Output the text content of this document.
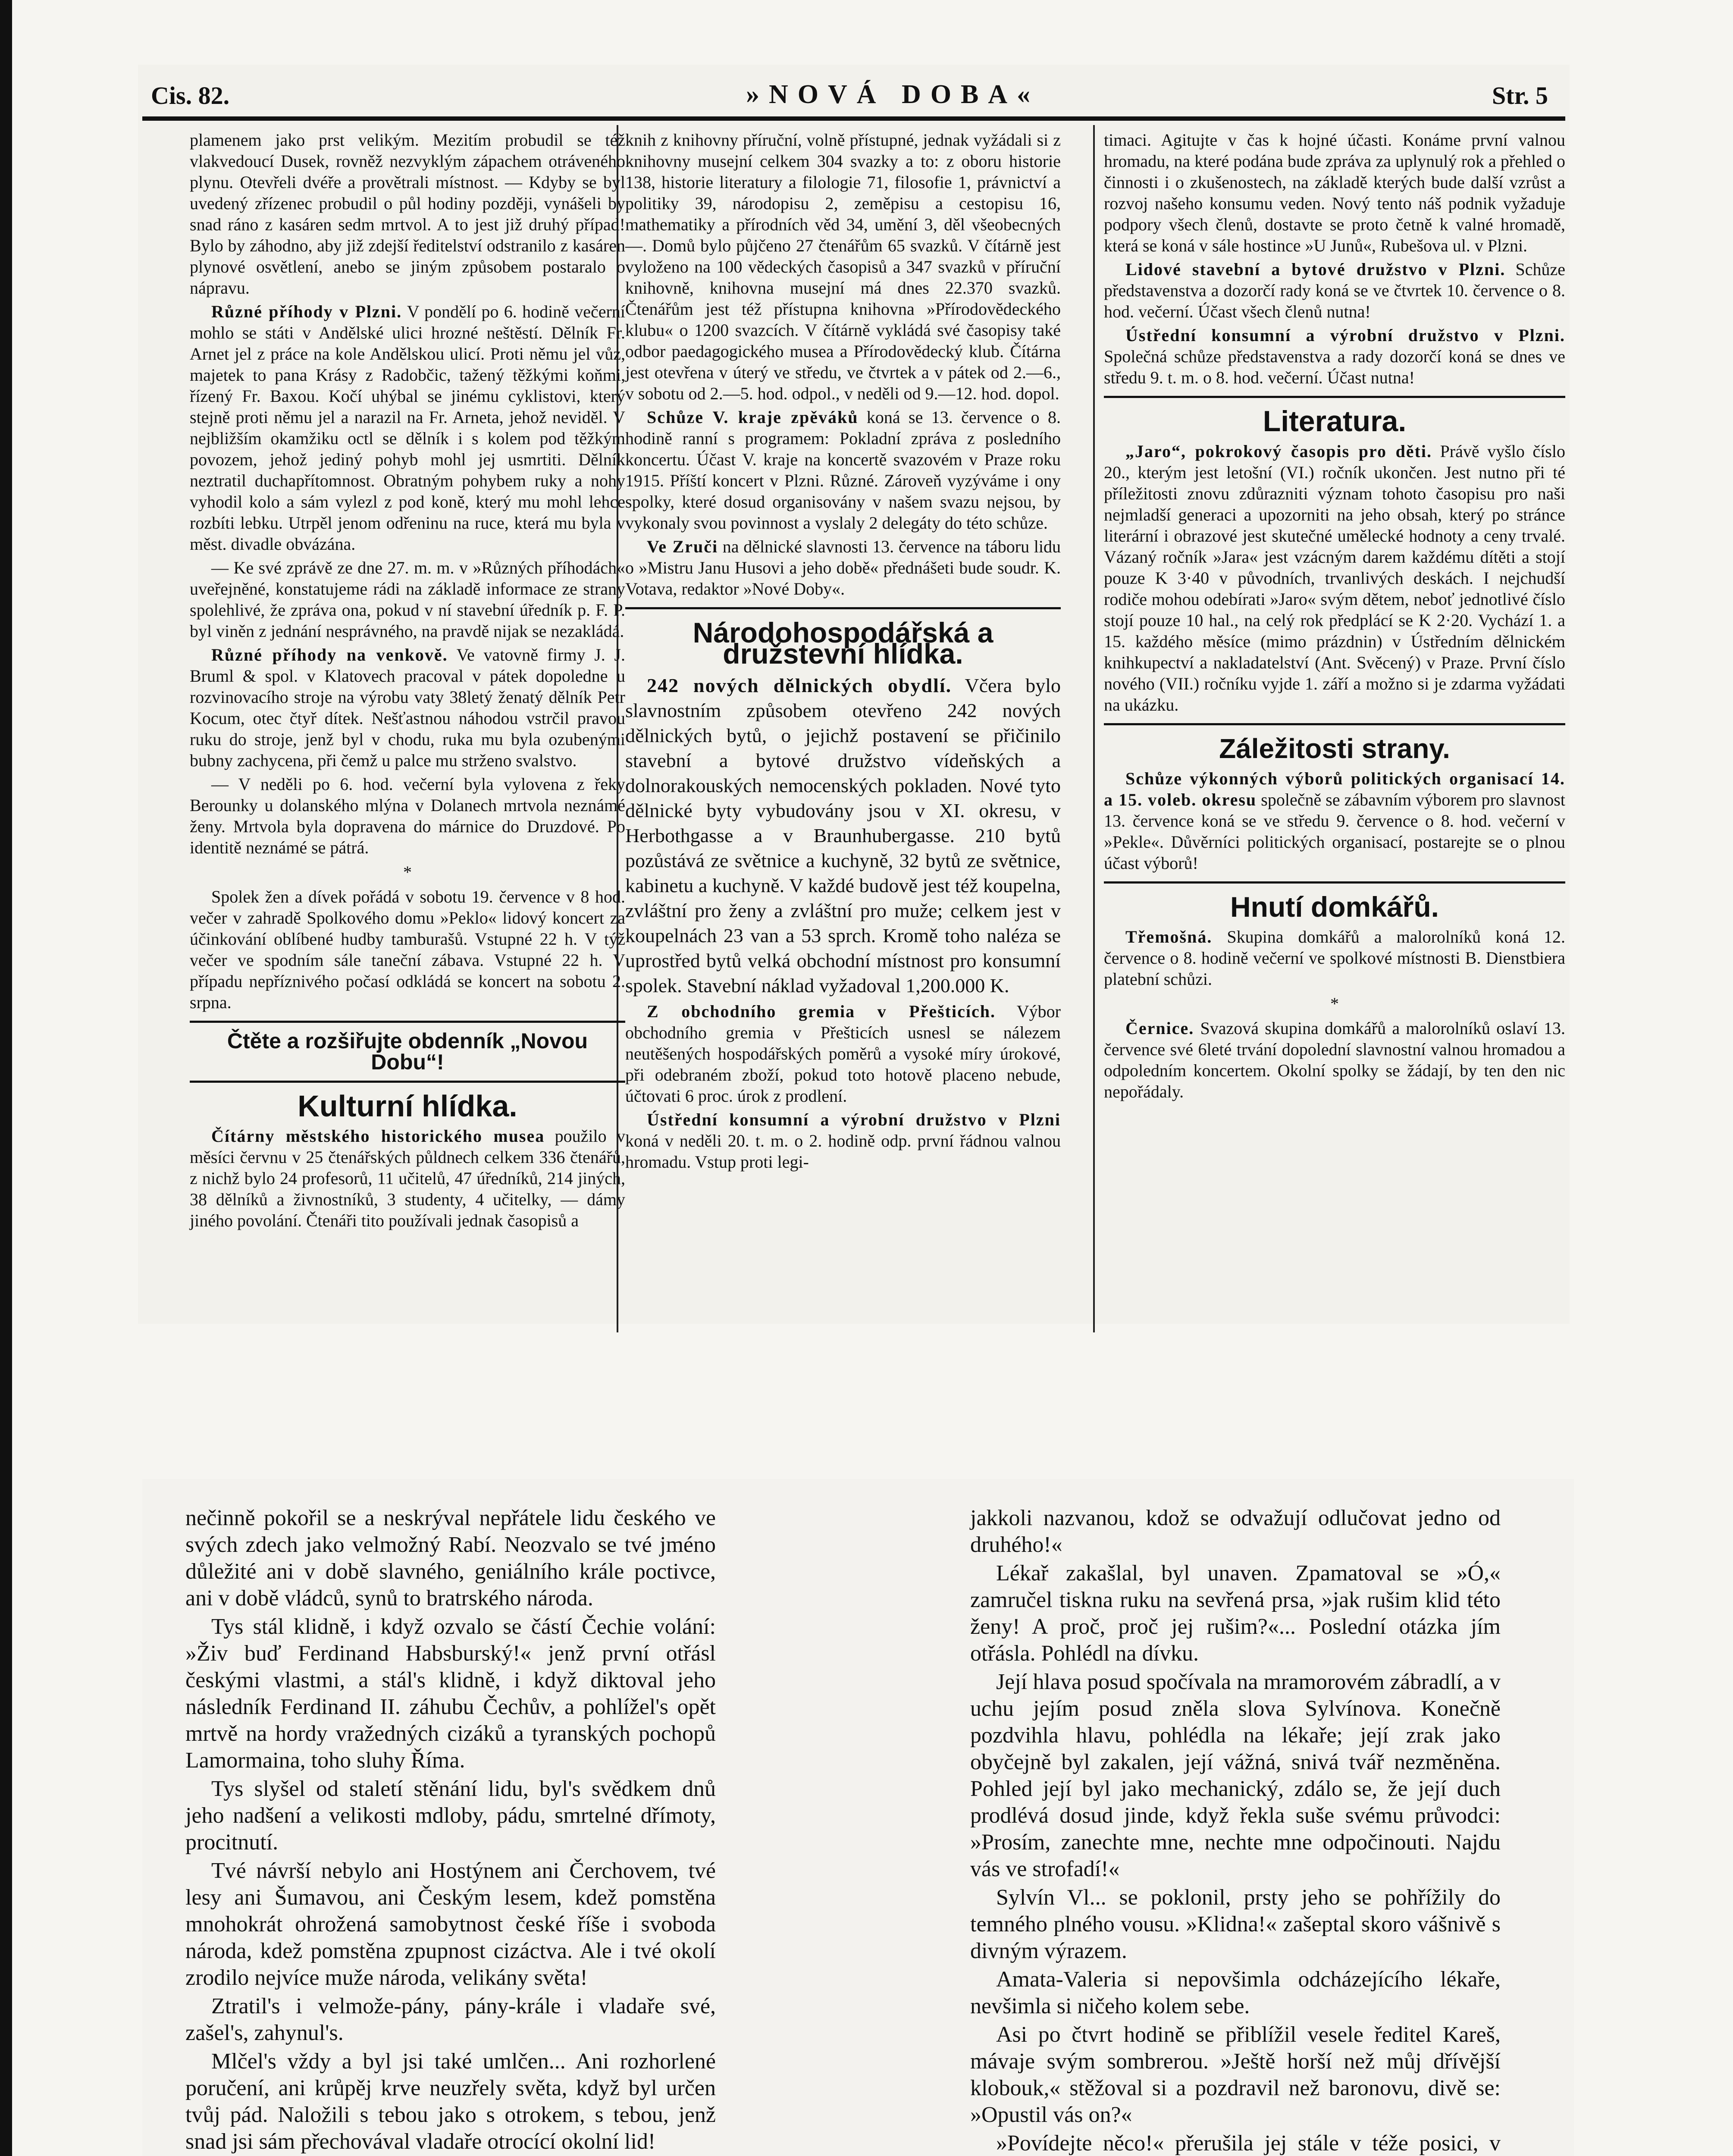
Cis. 82.	»NOVÁ DOBA«	Str. 5

plamenem jako prst velikým. Mezitím probudil se též vlakvedoucí Dusek, rovněž nezvyklým zápachem otráveného plynu. Otevřeli dvéře a provětrali místnost. — Kdyby se byl uvedený zřízenec probudil o půl hodiny později, vynášeli by snad ráno z kasáren sedm mrtvol. A to jest již druhý případ! Bylo by záhodno, aby již zdejší ředitelství odstranilo z kasáren plynové osvětlení, anebo se jiným způsobem postaralo o nápravu.

Různé příhody v Plzni. V pondělí po 6. hodině večerní mohlo se státi v Andělské ulici hrozné neštěstí. Dělník Fr. Arnet jel z práce na kole Andělskou ulicí. Proti němu jel vůz, majetek to pana Krásy z Radobčic, tažený těžkými koňmi, řízený Fr. Baxou. Kočí uhýbal se jinému cyklistovi, který stejně proti němu jel a narazil na Fr. Arneta, jehož neviděl. V nejbližším okamžiku octl se dělník i s kolem pod těžkým povozem, jehož jediný pohyb mohl jej usmrtiti. Dělník neztratil duchapřítomnost. Obratným pohybem ruky a nohy vyhodil kolo a sám vylezl z pod koně, který mu mohl lehce rozbíti lebku. Utrpěl jenom odřeninu na ruce, která mu byla v měst. divadle obvázána.

— Ke své zprávě ze dne 27. m. m. v »Různých příhodách« uveřejněné, konstatujeme rádi na základě informace ze strany spolehlivé, že zpráva ona, pokud v ní stavební úředník p. F. P. byl viněn z jednání nesprávného, na pravdě nijak se nezakládá.

Různé příhody na venkově. Ve vatovně firmy J. J. Bruml & spol. v Klatovech pracoval v pátek dopoledne u rozvinovacího stroje na výrobu vaty 38letý ženatý dělník Petr Kocum, otec čtyř dítek. Nešťastnou náhodou vstrčil pravou ruku do stroje, jenž byl v chodu, ruka mu byla ozubenými bubny zachycena, při čemž u palce mu strženo svalstvo.

— V neděli po 6. hod. večerní byla vylovena z řeky Berounky u dolanského mlýna v Dolanech mrtvola neznámé ženy. Mrtvola byla dopravena do márnice do Druzdové. Po identitě neznámé se pátrá.

*

Spolek žen a dívek pořádá v sobotu 19. července v 8 hod. večer v zahradě Spolkového domu »Peklo« lidový koncert za účinkování oblíbené hudby tamburašů. Vstupné 22 h. V týž večer ve spodním sále taneční zábava. Vstupné 22 h. V případu nepříznivého počasí odkládá se koncert na sobotu 2. srpna.

Čtěte a rozšiřujte obdenník „Novou Dobu“!
Kulturní hlídka.

Čítárny městského historického musea použilo v měsíci červnu v 25 čtenářských půldnech celkem 336 čtenářů, z nichž bylo 24 profesorů, 11 učitelů, 47 úředníků, 214 jiných, 38 dělníků a živnostníků, 3 studenty, 4 učitelky, — dámy jiného povolání. Čtenáři tito používali jednak časopisů a

knih z knihovny příruční, volně přístupné, jednak vyžádali si z knihovny musejní celkem 304 svazky a to: z oboru historie 138, historie literatury a filologie 71, filosofie 1, právnictví a politiky 39, národopisu 2, zeměpisu a cestopisu 16, mathematiky a přírodních věd 34, umění 3, děl všeobecných —. Domů bylo půjčeno 27 čtenářům 65 svazků. V čítárně jest vyloženo na 100 vědeckých časopisů a 347 svazků v příruční knihovně, knihovna musejní má dnes 22.370 svazků. Čtenářům jest též přístupna knihovna »Přírodovědeckého klubu« o 1200 svazcích. V čítárně vykládá své časopisy také odbor paedagogického musea a Přírodovědecký klub. Čítárna jest otevřena v úterý ve středu, ve čtvrtek a v pátek od 2.—6., v sobotu od 2.—5. hod. odpol., v neděli od 9.—12. hod. dopol.

Schůze V. kraje zpěváků koná se 13. července o 8. hodině ranní s programem: Pokladní zpráva z posledního koncertu. Účast V. kraje na koncertě svazovém v Praze roku 1915. Příští koncert v Plzni. Různé. Zároveň vyzýváme i ony spolky, které dosud organisovány v našem svazu nejsou, by vykonaly svou povinnost a vyslaly 2 delegáty do této schůze.

Ve Zruči na dělnické slavnosti 13. července na táboru lidu o »Mistru Janu Husovi a jeho době« přednášeti bude soudr. K. Votava, redaktor »Nové Doby«.

Národohospodářská a družstevní hlídka.

242 nových dělnických obydlí. Včera bylo slavnostním způsobem otevřeno 242 nových dělnických bytů, o jejichž postavení se přičinilo stavební a bytové družstvo vídeňských a dolnorakouských nemocenských pokladen. Nové tyto dělnické byty vybudovány jsou v XI. okresu, v Herbothgasse a v Braunhubergasse. 210 bytů pozůstává ze světnice a kuchyně, 32 bytů ze světnice, kabinetu a kuchyně. V každé budově jest též koupelna, zvláštní pro ženy a zvláštní pro muže; celkem jest v koupelnách 23 van a 53 sprch. Kromě toho naléza se uprostřed bytů velká obchodní místnost pro konsumní spolek. Stavební náklad vyžadoval 1,200.000 K.

Z obchodního gremia v Přešticích. Výbor obchodního gremia v Přešticích usnesl se nálezem neutěšených hospodářských poměrů a vysoké míry úrokové, při odebraném zboží, pokud toto hotově placeno nebude, účtovati 6 proc. úrok z prodlení.

Ústřední konsumní a výrobní družstvo v Plzni koná v neděli 20. t. m. o 2. hodině odp. první řádnou valnou hromadu. Vstup proti legi-

timaci. Agitujte v čas k hojné účasti. Konáme první valnou hromadu, na které podána bude zpráva za uplynulý rok a přehled o činnosti i o zkušenostech, na základě kterých bude další vzrůst a rozvoj našeho konsumu veden. Nový tento náš podnik vyžaduje podpory všech členů, dostavte se proto četně k valné hromadě, která se koná v sále hostince »U Junů«, Rubešova ul. v Plzni.

Lidové stavební a bytové družstvo v Plzni. Schůze představenstva a dozorčí rady koná se ve čtvrtek 10. července o 8. hod. večerní. Účast všech členů nutna!

Ústřední konsumní a výrobní družstvo v Plzni. Společná schůze představenstva a rady dozorčí koná se dnes ve středu 9. t. m. o 8. hod. večerní. Účast nutna!

Literatura.

„Jaro“, pokrokový časopis pro děti. Právě vyšlo číslo 20., kterým jest letošní (VI.) ročník ukončen. Jest nutno při té příležitosti znovu zdůrazniti význam tohoto časopisu pro naši nejmladší generaci a upozorniti na jeho obsah, který po stránce literární i obrazové jest skutečné umělecké hodnoty a ceny trvalé. Vázaný ročník »Jara« jest vzácným darem každému dítěti a stojí pouze K 3·40 v původních, trvanlivých deskách. I nejchudší rodiče mohou odebírati »Jaro« svým dětem, neboť jednotlivé číslo stojí pouze 10 hal., na celý rok předplácí se K 2·20. Vychází 1. a 15. každého měsíce (mimo prázdnin) v Ústředním dělnickém knihkupectví a nakladatelství (Ant. Svěcený) v Praze. První číslo nového (VII.) ročníku vyjde 1. září a možno si je zdarma vyžádati na ukázku.

Záležitosti strany.

Schůze výkonných výborů politických organisací 14. a 15. voleb. okresu společně se zábavním výborem pro slavnost 13. července koná se ve středu 9. července o 8. hod. večerní v »Pekle«. Důvěrníci politických organisací, postarejte se o plnou účast výborů!

Hnutí domkářů.

Třemošná. Skupina domkářů a malorolníků koná 12. července o 8. hodině večerní ve spolkové místnosti B. Dienstbiera platební schůzi.

*

Černice. Svazová skupina domkářů a malorolníků oslaví 13. července své 6leté trvání dopolední slavnostní valnou hromadou a odpoledním koncertem. Okolní spolky se žádají, by ten den nic nepořádaly.

nečinně pokořil se a neskrýval nepřátele lidu českého ve svých zdech jako velmožný Rabí. Neozvalo se tvé jméno důležité ani v době slavného, geniálního krále poctivce, ani v době vládců, synů to bratrského národa.

Tys stál klidně, i když ozvalo se částí Čechie volání: »Živ buď Ferdinand Habsburský!« jenž první otřásl českými vlastmi, a stál's klidně, i když diktoval jeho následník Ferdinand II. záhubu Čechův, a pohlížel's opět mrtvě na hordy vražedných cizáků a tyranských pochopů Lamormaina, toho sluhy Říma.

Tys slyšel od staletí stěnání lidu, byl's svědkem dnů jeho nadšení a velikosti mdloby, pádu, smrtelné dřímoty, procitnutí.

Tvé návrší nebylo ani Hostýnem ani Čerchovem, tvé lesy ani Šumavou, ani Českým lesem, kdež pomstěna mnohokrát ohrožená samobytnost české říše i svoboda národa, kdež pomstěna zpupnost cizáctva. Ale i tvé okolí zrodilo nejvíce muže národa, velikány světa!

Ztratil's i velmože-pány, pány-krále i vladaře své, zašel's, zahynul's.

Mlčel's vždy a byl jsi také umlčen... Ani rozhorlené poručení, ani krůpěj krve neuzřely světa, když byl určen tvůj pád. Naložili s tebou jako s otrokem, s tebou, jenž snad jsi sám přechovával vladaře otrocící okolní lid!

jakkoli nazvanou, kdož se odvažují odlučovat jedno od druhého!«

Lékař zakašlal, byl unaven. Zpamatoval se »Ó,« zamručel tiskna ruku na sevřená prsa, »jak rušim klid této ženy! A proč, proč jej rušim?«... Poslední otázka jím otřásla. Pohlédl na dívku.

Její hlava posud spočívala na mramorovém zábradlí, a v uchu jejím posud zněla slova Sylvínova. Konečně pozdvihla hlavu, pohlédla na lékaře; její zrak jako obyčejně byl zakalen, její vážná, snivá tvář nezměněna. Pohled její byl jako mechanický, zdálo se, že její duch prodlévá dosud jinde, když řekla suše svému průvodci: »Prosím, zanechte mne, nechte mne odpočinouti. Najdu vás ve strofadí!«

Sylvín Vl... se poklonil, prsty jeho se pohřížily do temného plného vousu. »Klidna!« zašeptal skoro vášnivě s divným výrazem.

Amata-Valeria si nepovšimla odcházejícího lékaře, nevšimla si ničeho kolem sebe.

Asi po čtvrt hodině se přiblížil vesele ředitel Kareš, mávaje svým sombrerou. »Ještě horší než můj dřívější klobouk,« stěžoval si a pozdravil než baronovu, divě se: »Opustil vás on?«

»Povídejte něco!« přerušila jej stále v téže posici, v
